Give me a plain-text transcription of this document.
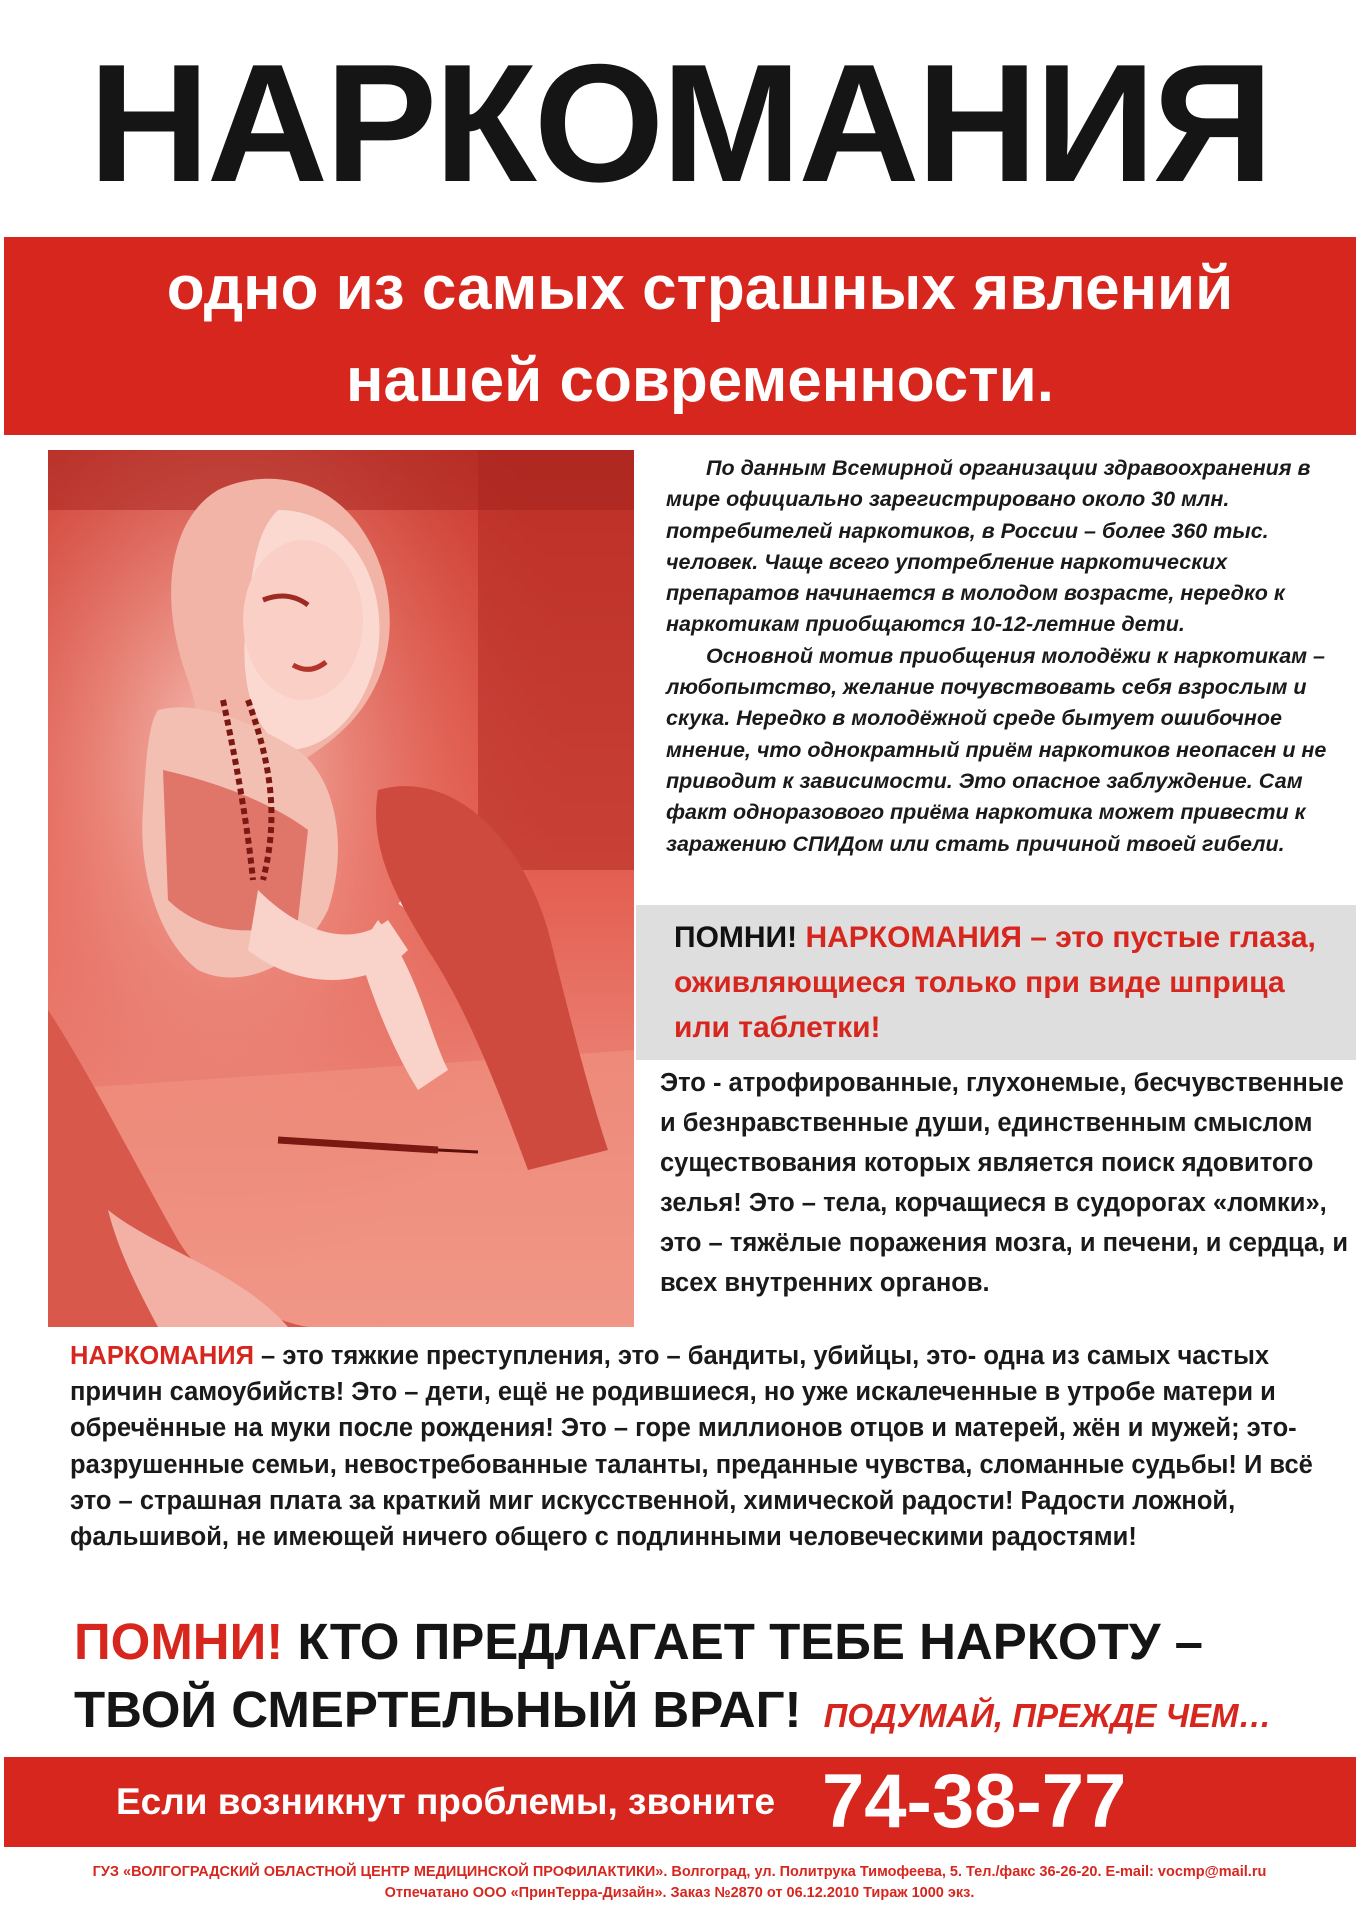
НАРКОМАНИЯ
одно из самых страшных явлений
нашей современности.

По данным Всемирной организации здравоохранения в мире официально зарегистрировано около 30 млн. потребителей наркотиков, в России – более 360 тыс. человек. Чаще всего употребление наркотических препаратов начинается в молодом возрасте, нередко к наркотикам приобщаются 10-12-летние дети.

Основной мотив приобщения молодёжи к наркотикам – любопытство, желание почувствовать себя взрослым и скука. Нередко в молодёжной среде бытует ошибочное мнение, что однократный приём наркотиков неопасен и не приводит к зависимости. Это опасное заблуждение. Сам факт одноразового приёма наркотика может привести к заражению СПИДом или стать причиной твоей гибели.

ПОМНИ! НАРКОМАНИЯ – это пустые глаза, оживляющиеся только при виде шприца или таблетки!
Это - атрофированные, глухонемые, бесчувственные и безнравственные души, единственным смыслом существования которых является поиск ядовитого зелья! Это – тела, корчащиеся в судорогах «ломки», это – тяжёлые поражения мозга, и печени, и сердца, и всех внутренних органов.
НАРКОМАНИЯ – это тяжкие преступления, это – бандиты, убийцы, это- одна из самых частых причин самоубийств! Это – дети, ещё не родившиеся, но уже искалеченные в утробе матери и обречённые на муки после рождения! Это – горе миллионов отцов и матерей, жён и мужей; это- разрушенные семьи, невостребованные таланты, преданные чувства, сломанные судьбы! И всё это – страшная плата за краткий миг искусственной, химической радости! Радости ложной, фальшивой, не имеющей ничего общего с подлинными человеческими радостями!
ПОМНИ! КТО ПРЕДЛАГАЕТ ТЕБЕ НАРКОТУ –
ТВОЙ СМЕРТЕЛЬНЫЙ ВРАГ! ПОДУМАЙ, ПРЕЖДЕ ЧЕМ…
Если возникнут проблемы, звоните 74-38-77
ГУЗ «ВОЛГОГРАДСКИЙ ОБЛАСТНОЙ ЦЕНТР МЕДИЦИНСКОЙ ПРОФИЛАКТИКИ». Волгоград, ул. Политрука Тимофеева, 5. Тел./факс 36-26-20. E-mail: vocmp@mail.ru
Отпечатано ООО «ПринТерра-Дизайн». Заказ №2870 от 06.12.2010 Тираж 1000 экз.
